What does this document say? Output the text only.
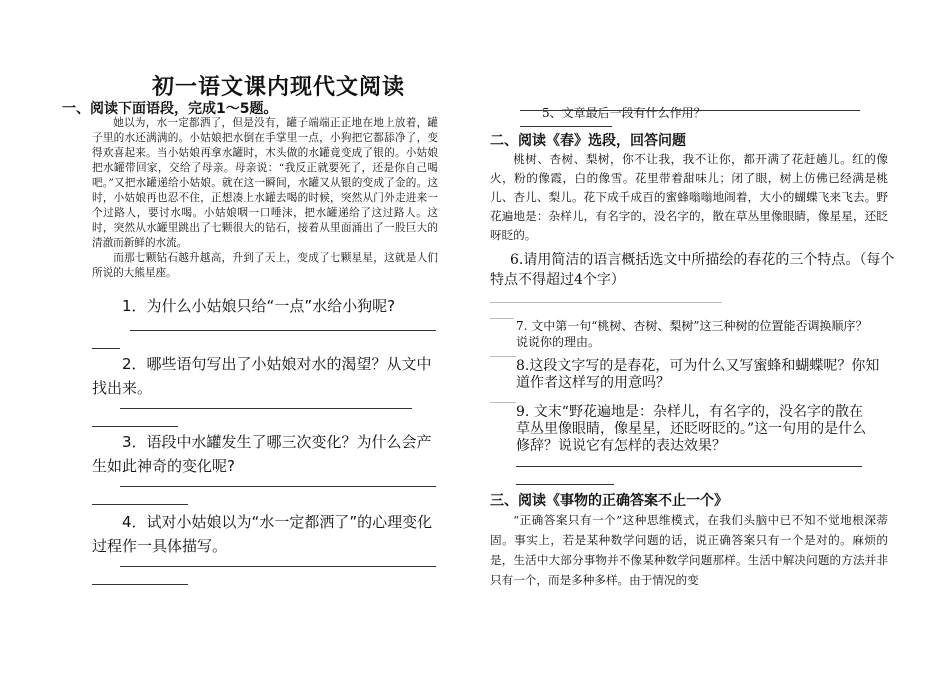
初一语文课内现代文阅读
一、阅读下面语段，完成1～5题。
她以为，水一定都洒了，但是没有，罐子端端正正地在地上放着，罐子里的水还满满的。小姑娘把水倒在手掌里一点，小狗把它都舔净了，变得欢喜起来。当小姑娘再拿水罐时，木头做的水罐竟变成了银的。小姑娘把水罐带回家，交给了母亲。母亲说：“我反正就要死了，还是你自己喝吧。”又把水罐递给小姑娘。就在这一瞬间，水罐又从银的变成了金的。这时，小姑娘再也忍不住，正想凑上水罐去喝的时候，突然从门外走进来一个过路人，要讨水喝。小姑娘咽一口唾沫，把水罐递给了这过路人。这时，突然从水罐里跳出了七颗很大的钻石，接着从里面涌出了一股巨大的清澈而新鲜的水流。
而那七颗钻石越升越高，升到了天上，变成了七颗星星，这就是人们所说的大熊星座。
1．为什么小姑娘只给“一点”水给小狗呢?
2．哪些语句写出了小姑娘对水的渴望？从文中找出来。
3．语段中水罐发生了哪三次变化？为什么会产生如此神奇的变化呢?
4．试对小姑娘以为“水一定都洒了”的心理变化过程作一具体描写。
5、文章最后一段有什么作用？
二、阅读《春》选段，回答问题
桃树、杏树、梨树，你不让我，我不让你，都开满了花赶趟儿。红的像火，粉的像霞，白的像雪。花里带着甜味儿；闭了眼，树上仿佛已经满是桃儿、杏儿、梨儿。花下成千成百的蜜蜂嗡嗡地闹着，大小的蝴蝶飞来飞去。野花遍地是：杂样儿，有名字的，没名字的，散在草丛里像眼睛，像星星，还眨呀眨的。
6.请用简洁的语言概括选文中所描绘的春花的三个特点。（每个特点不得超过4个字）
7. 文中第一句“桃树、杏树、梨树”这三种树的位置能否调换顺序？说说你的理由。
8.这段文字写的是春花，可为什么又写蜜蜂和蝴蝶呢？你知道作者这样写的用意吗？
9. 文末“野花遍地是：杂样儿，有名字的，没名字的散在草丛里像眼睛，像星星，还眨呀眨的。”这一句用的是什么修辞？说说它有怎样的表达效果？
三、阅读《事物的正确答案不止一个》
“正确答案只有一个”这种思维模式，在我们头脑中已不知不觉地根深蒂固。事实上，若是某种数学问题的话，说正确答案只有一个是对的。麻烦的是，生活中大部分事物并不像某种数学问题那样。生活中解决问题的方法并非只有一个，而是多种多样。由于情况的变
